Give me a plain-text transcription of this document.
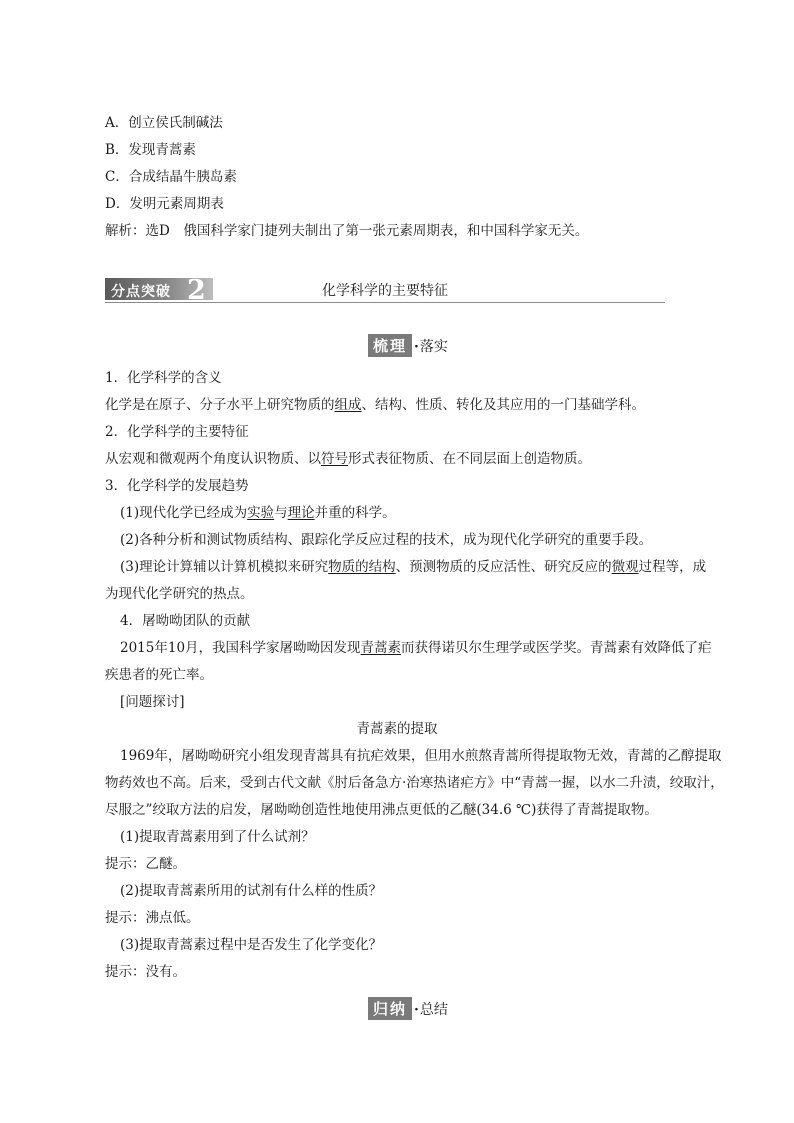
A．创立侯氏制碱法
B．发现青蒿素
C．合成结晶牛胰岛素
D．发明元素周期表
解析：选D　俄国科学家门捷列夫制出了第一张元素周期表，和中国科学家无关。
分点突破 2	化学科学的主要特征
梳理 ·落实
1．化学科学的含义
化学是在原子、分子水平上研究物质的组成、结构、性质、转化及其应用的一门基础学科。
2．化学科学的主要特征
从宏观和微观两个角度认识物质、以符号形式表征物质、在不同层面上创造物质。
3．化学科学的发展趋势
(1)现代化学已经成为实验与理论并重的科学。
(2)各种分析和测试物质结构、跟踪化学反应过程的技术，成为现代化学研究的重要手段。
(3)理论计算辅以计算机模拟来研究物质的结构、预测物质的反应活性、研究反应的微观过程等，成
为现代化学研究的热点。
4．屠呦呦团队的贡献
2015年10月，我国科学家屠呦呦因发现青蒿素而获得诺贝尔生理学或医学奖。青蒿素有效降低了疟
疾患者的死亡率。
[问题探讨]
青蒿素的提取
1969年，屠呦呦研究小组发现青蒿具有抗疟效果，但用水煎熬青蒿所得提取物无效，青蒿的乙醇提取
物药效也不高。后来，受到古代文献《肘后备急方·治寒热诸疟方》中“青蒿一握，以水二升渍，绞取汁，
尽服之”绞取方法的启发，屠呦呦创造性地使用沸点更低的乙醚(34.6 ℃)获得了青蒿提取物。
(1)提取青蒿素用到了什么试剂？
提示：乙醚。
(2)提取青蒿素所用的试剂有什么样的性质？
提示：沸点低。
(3)提取青蒿素过程中是否发生了化学变化？
提示：没有。
归纳 ·总结
